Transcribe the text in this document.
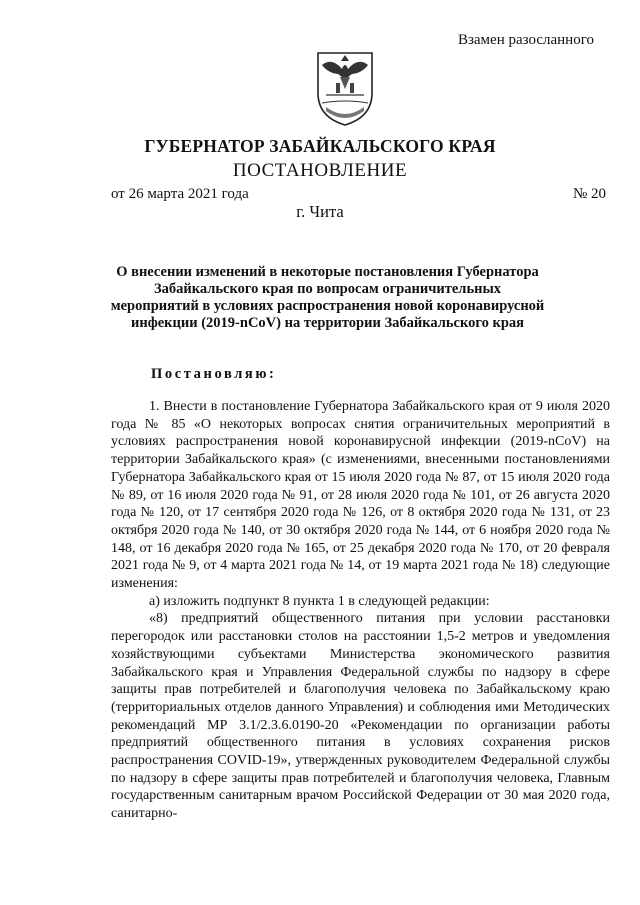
Взамен разосланного
ГУБЕРНАТОР ЗАБАЙКАЛЬСКОГО КРАЯ
ПОСТАНОВЛЕНИЕ
от 26 марта 2021 года	№ 20
г. Чита
О внесении изменений в некоторые постановления Губернатора Забайкальского края по вопросам ограничительных мероприятий в условиях распространения новой коронавирусной инфекции (2019-nCoV) на территории Забайкальского края
Постановляю:

1. Внести в постановление Губернатора Забайкальского края от 9 июля 2020 года № 85 «О некоторых вопросах снятия ограничительных мероприятий в условиях распространения новой коронавирусной инфекции (2019-nCoV) на территории Забайкальского края» (с изменениями, внесенными постановлениями Губернатора Забайкальского края от 15 июля 2020 года № 87, от 15 июля 2020 года № 89, от 16 июля 2020 года № 91, от 28 июля 2020 года № 101, от 26 августа 2020 года № 120, от 17 сентября 2020 года № 126, от 8 октября 2020 года № 131, от 23 октября 2020 года № 140, от 30 октября 2020 года № 144, от 6 ноября 2020 года № 148, от 16 декабря 2020 года № 165, от 25 декабря 2020 года № 170, от 20 февраля 2021 года № 9, от 4 марта 2021 года № 14, от 19 марта 2021 года № 18) следующие изменения:

а) изложить подпункт 8 пункта 1 в следующей редакции:

«8) предприятий общественного питания при условии расстановки перегородок или расстановки столов на расстоянии 1,5-2 метров и уведомления хозяйствующими субъектами Министерства экономического развития Забайкальского края и Управления Федеральной службы по надзору в сфере защиты прав потребителей и благополучия человека по Забайкальскому краю (территориальных отделов данного Управления) и соблюдения ими Методических рекомендаций МР 3.1/2.3.6.0190-20 «Рекомендации по организации работы предприятий общественного питания в условиях сохранения рисков распространения COVID-19», утвержденных руководителем Федеральной службы по надзору в сфере защиты прав потребителей и благополучия человека, Главным государственным санитарным врачом Российской Федерации от 30 мая 2020 года, санитарно-
